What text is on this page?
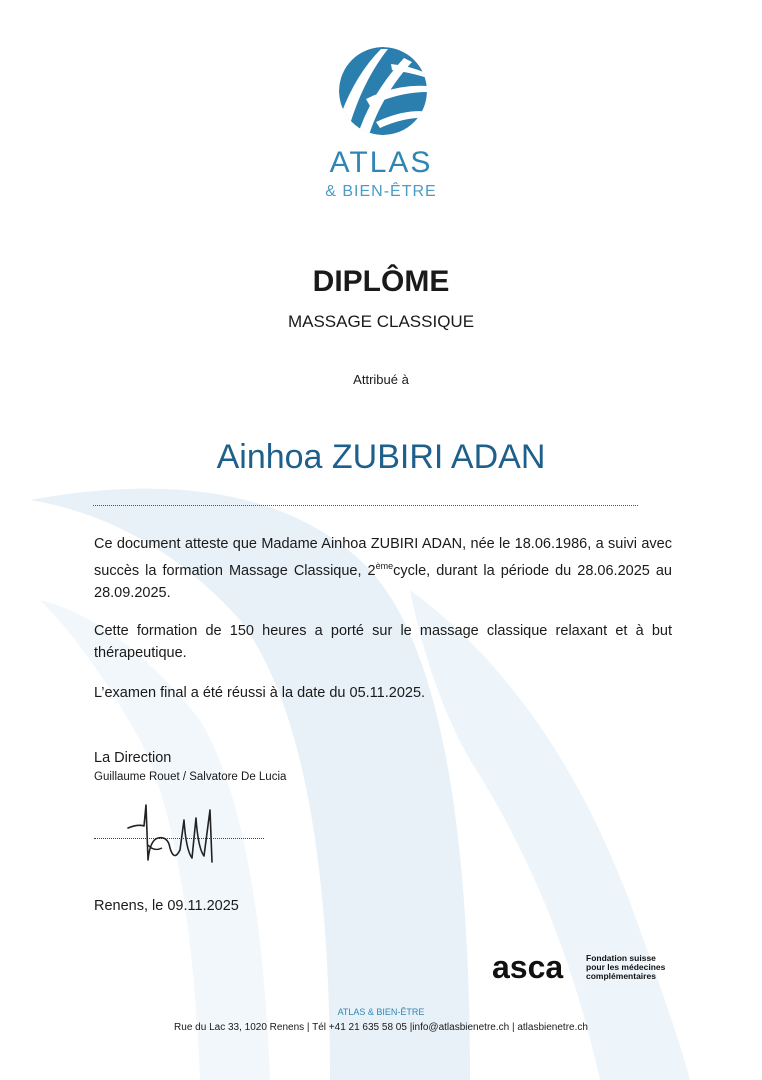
ATLAS
& BIEN-ÊTRE
DIPLÔME
MASSAGE CLASSIQUE
Attribué à
Ainhoa ZUBIRI ADAN
Ce document atteste que Madame Ainhoa ZUBIRI ADAN, née le 18.06.1986, a suivi avec succès la formation Massage Classique, 2èmecycle, durant la période du 28.06.2025 au 28.09.2025.
Cette formation de 150 heures a porté sur le massage classique relaxant et à but thérapeutique.
L’examen final a été réussi à la date du 05.11.2025.
La Direction
Guillaume Rouet / Salvatore De Lucia
Renens, le 09.11.2025
asca	Fondation suisse
pour les médecines
complémentaires
ATLAS & BIEN-ÊTRE
Rue du Lac 33, 1020 Renens | Tél +41 21 635 58 05 |info@atlasbienetre.ch | atlasbienetre.ch
